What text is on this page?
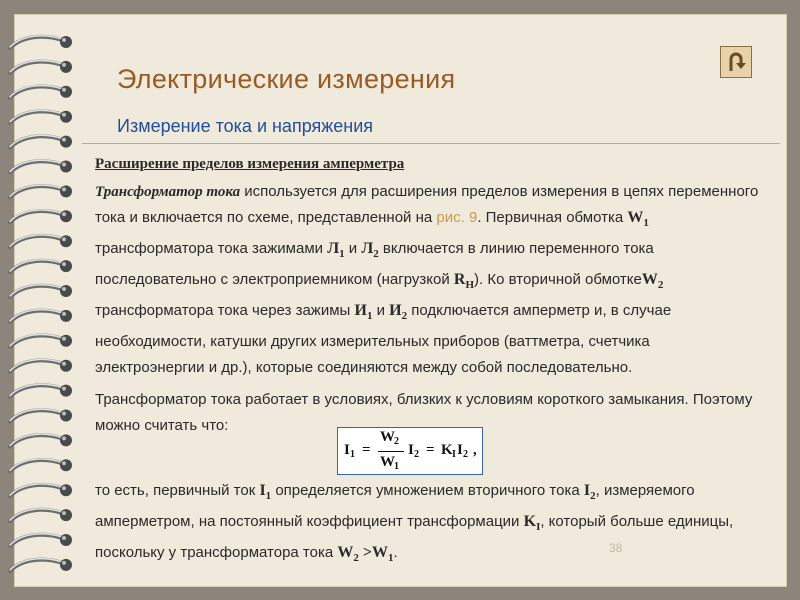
Электрические измерения
Измерение тока и напряжения
Расширение пределов измерения амперметра

Трансформатор тока используется для расширения пределов измерения в цепях переменного тока и включается по схеме, представленной на рис. 9. Первичная обмотка $W_1$ трансформатора тока зажимами $Л_1$ и $Л_2$ включается в линию переменного тока последовательно с электроприемником (нагрузкой $R_Н$). Ко вторичной обмоткеW$_2$ трансформатора тока через зажимы $И_1$ и $И_2$ подключается амперметр и, в случае необходимости, катушки других измерительных приборов (ваттметра, счетчика электроэнергии и др.), которые соединяются между собой последовательно.

Трансформатор тока работает в условиях, близких к условиям короткого замыкания. Поэтому можно считать что:

I 1 =
W 2
W 1
I 2 = K I I 2 ,

то есть, первичный ток $I_1$ определяется умножением вторичного тока $I_2$, измеряемого амперметром, на постоянный коэффициент трансформации $K_I$, который больше единицы, поскольку у трансформатора тока $W_2 >W_1$.	38
